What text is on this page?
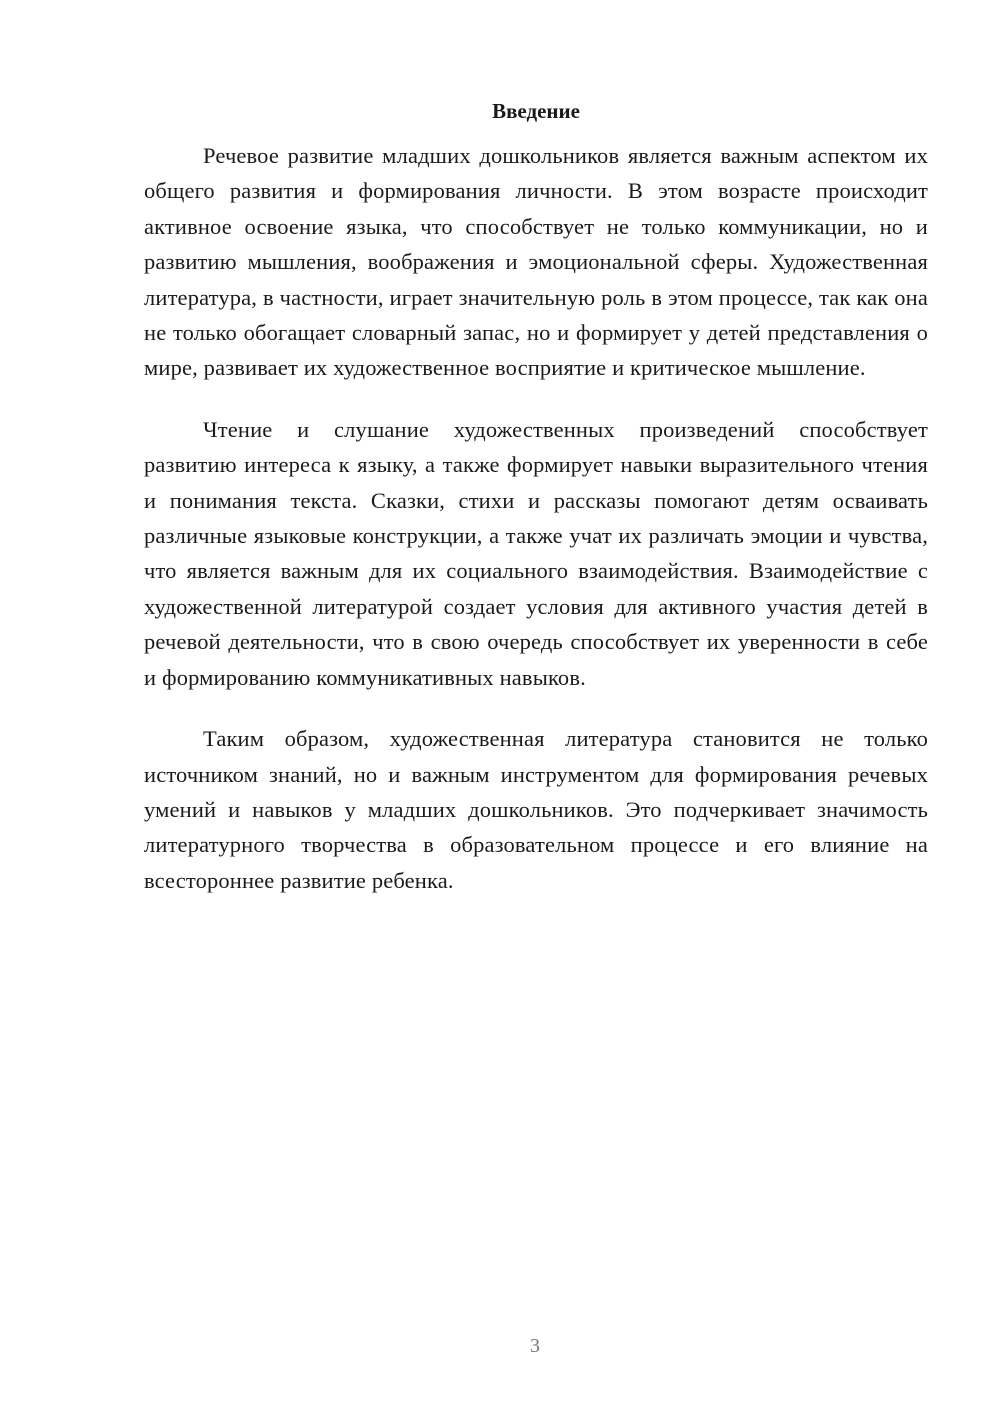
Введение

Речевое развитие младших дошкольников является важным аспектом их общего развития и формирования личности. В этом возрасте происходит активное освоение языка, что способствует не только коммуникации, но и развитию мышления, воображения и эмоциональной сферы. Художественная литература, в частности, играет значительную роль в этом процессе, так как она не только обогащает словарный запас, но и формирует у детей представления о мире, развивает их художественное восприятие и критическое мышление.

Чтение и слушание художественных произведений способствует развитию интереса к языку, а также формирует навыки выразительного чтения и понимания текста. Сказки, стихи и рассказы помогают детям осваивать различные языковые конструкции, а также учат их различать эмоции и чувства, что является важным для их социального взаимодействия. Взаимодействие с художественной литературой создает условия для активного участия детей в речевой деятельности, что в свою очередь способствует их уверенности в себе и формированию коммуникативных навыков.

Таким образом, художественная литература становится не только источником знаний, но и важным инструментом для формирования речевых умений и навыков у младших дошкольников. Это подчеркивает значимость литературного творчества в образовательном процессе и его влияние на всестороннее развитие ребенка.

3
